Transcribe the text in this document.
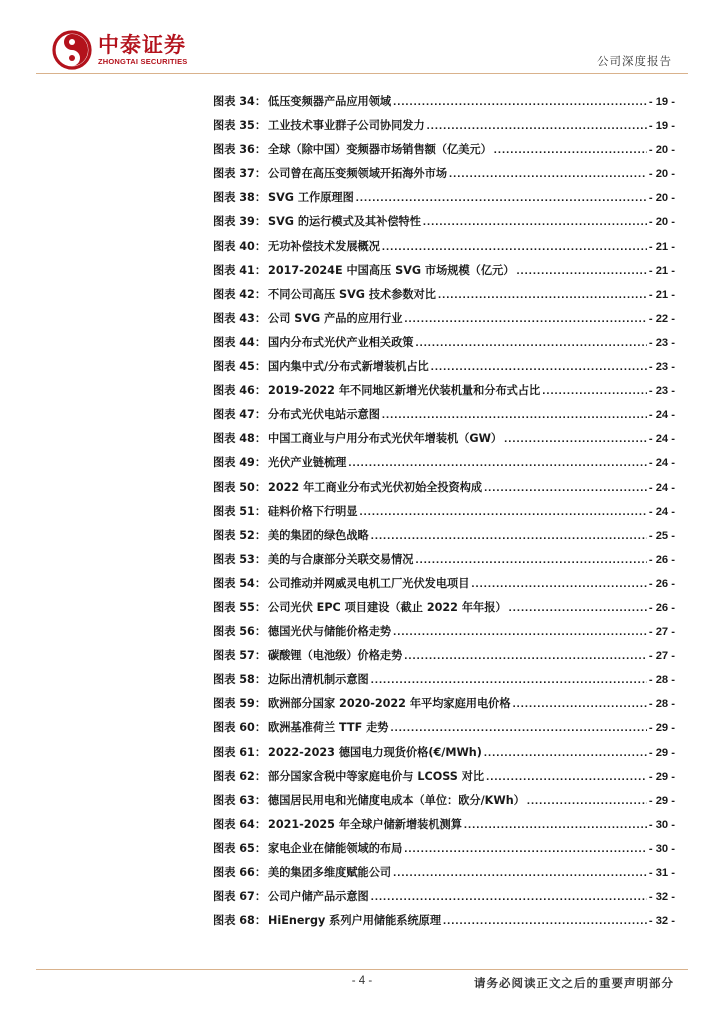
中泰证券
ZHONGTAI SECURITIES	公司深度报告
图表 34： 低压变频器产品应用领域 .....	- 19 -
图表 35： 工业技术事业群子公司协同发力 .....	- 19 -
图表 36： 全球（除中国）变频器市场销售额（亿美元） .....	- 20 -
图表 37： 公司曾在高压变频领域开拓海外市场 .....	- 20 -
图表 38： SVG 工作原理图 .....	- 20 -
图表 39： SVG 的运行模式及其补偿特性 .....	- 20 -
图表 40： 无功补偿技术发展概况 .....	- 21 -
图表 41： 2017-2024E 中国高压 SVG 市场规模（亿元） .....	- 21 -
图表 42： 不同公司高压 SVG 技术参数对比 .....	- 21 -
图表 43： 公司 SVG 产品的应用行业 .....	- 22 -
图表 44： 国内分布式光伏产业相关政策 .....	- 23 -
图表 45： 国内集中式/分布式新增装机占比 .....	- 23 -
图表 46： 2019-2022 年不同地区新增光伏装机量和分布式占比 .....	- 23 -
图表 47： 分布式光伏电站示意图 .....	- 24 -
图表 48： 中国工商业与户用分布式光伏年增装机（GW） .....	- 24 -
图表 49： 光伏产业链梳理 .....	- 24 -
图表 50： 2022 年工商业分布式光伏初始全投资构成 .....	- 24 -
图表 51： 硅料价格下行明显 .....	- 24 -
图表 52： 美的集团的绿色战略 .....	- 25 -
图表 53： 美的与合康部分关联交易情况 .....	- 26 -
图表 54： 公司推动并网威灵电机工厂光伏发电项目 .....	- 26 -
图表 55： 公司光伏 EPC 项目建设（截止 2022 年年报） .....	- 26 -
图表 56： 德国光伏与储能价格走势 .....	- 27 -
图表 57： 碳酸锂（电池级）价格走势 .....	- 27 -
图表 58： 边际出清机制示意图 .....	- 28 -
图表 59： 欧洲部分国家 2020-2022 年平均家庭用电价格 .....	- 28 -
图表 60： 欧洲基准荷兰 TTF 走势 .....	- 29 -
图表 61： 2022-2023 德国电力现货价格(€/MWh) .....	- 29 -
图表 62： 部分国家含税中等家庭电价与 LCOSS 对比 .....	- 29 -
图表 63： 德国居民用电和光储度电成本（单位：欧分/KWh） .....	- 29 -
图表 64： 2021-2025 年全球户储新增装机测算 .....	- 30 -
图表 65： 家电企业在储能领域的布局 .....	- 30 -
图表 66： 美的集团多维度赋能公司 .....	- 31 -
图表 67： 公司户储产品示意图 .....	- 32 -
图表 68： HiEnergy 系列户用储能系统原理 .....	- 32 -
- 4 -	请务必阅读正文之后的重要声明部分
